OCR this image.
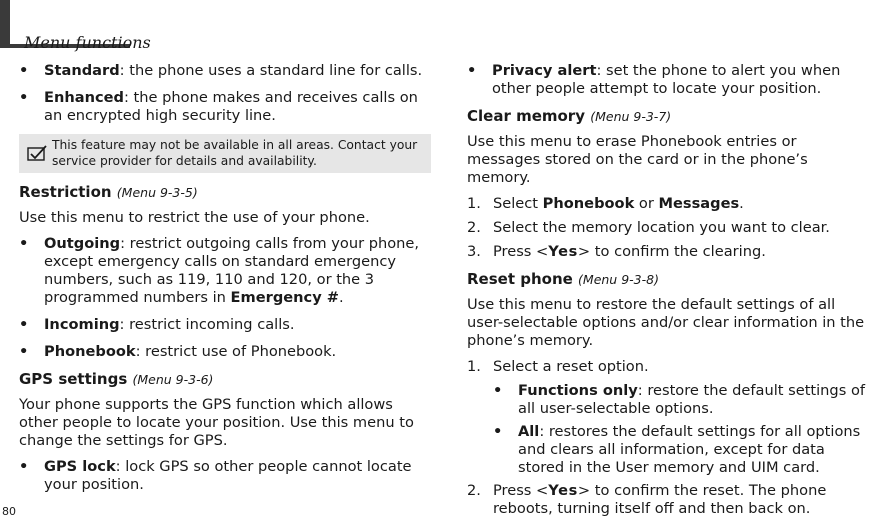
Menu functions
80
•	Standard: the phone uses a standard line for calls.
•	Enhanced: the phone makes and receives calls on an encrypted high security line.
This feature may not be available in all areas. Contact your service provider for details and availability.
Restriction (Menu 9-3-5)
Use this menu to restrict the use of your phone.
•	Outgoing: restrict outgoing calls from your phone, except emergency calls on standard emergency numbers, such as 119, 110 and 120, or the 3 programmed numbers in Emergency #.
•	Incoming: restrict incoming calls.
•	Phonebook: restrict use of Phonebook.
GPS settings (Menu 9-3-6)
Your phone supports the GPS function which allows other people to locate your position. Use this menu to change the settings for GPS.
•	GPS lock: lock GPS so other people cannot locate your position.
•	Privacy alert: set the phone to alert you when other people attempt to locate your position.
Clear memory (Menu 9-3-7)
Use this menu to erase Phonebook entries or messages stored on the card or in the phone’s memory.
1. Select Phonebook or Messages.
2. Select the memory location you want to clear.
3. Press <Yes> to confirm the clearing.
Reset phone (Menu 9-3-8)
Use this menu to restore the default settings of all user-selectable options and/or clear information in the phone’s memory.
1. Select a reset option.
•	Functions only: restore the default settings of all user-selectable options.
•	All: restores the default settings for all options and clears all information, except for data stored in the User memory and UIM card.
2. Press <Yes> to confirm the reset. The phone reboots, turning itself off and then back on.
